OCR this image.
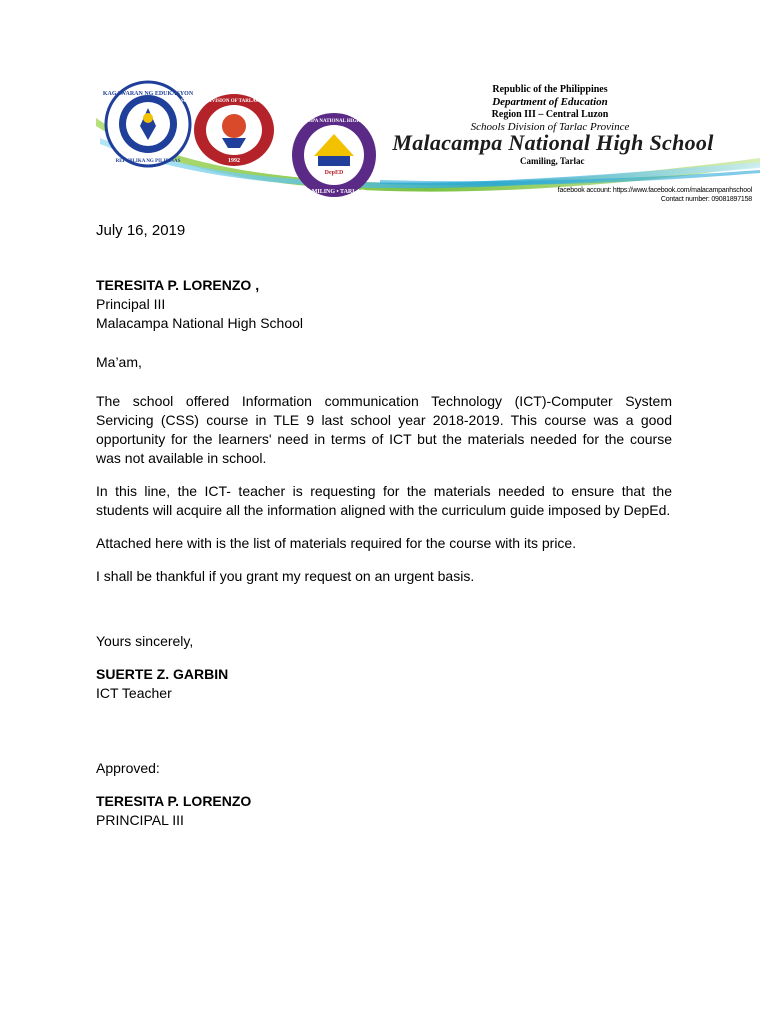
KAGAWARAN NG EDUKASYON
REPUBLIKA NG PILIPINAS
SCHOOLS DIVISION OF TARLAC PROVINCE
1992
DepED
MALACAMPA NATIONAL HIGH SCHOOL
CAMILING • TARLAC
Republic of the Philippines
Department of Education
Region III – Central Luzon
Schools Division of Tarlac Province
Malacampa National High School
Camiling, Tarlac
facebook account: https://www.facebook.com/malacampanhschool
Contact number: 09081897158
July 16, 2019

TERESITA P. LORENZO ,

Principal III

Malacampa National High School

Ma’am,

The school offered Information communication Technology (ICT)-Computer System Servicing (CSS) course in TLE 9 last school year 2018-2019. This course was a good opportunity for the learners' need in terms of ICT but the materials needed for the course was not available in school.

In this line, the ICT- teacher is requesting for the materials needed to ensure that the students will acquire all the information aligned with the curriculum guide imposed by DepEd.

Attached here with is the list of materials required for the course with its price.

I shall be thankful if you grant my request on an urgent basis.

Yours sincerely,

SUERTE Z. GARBIN

ICT Teacher

Approved:

TERESITA P. LORENZO

PRINCIPAL III
